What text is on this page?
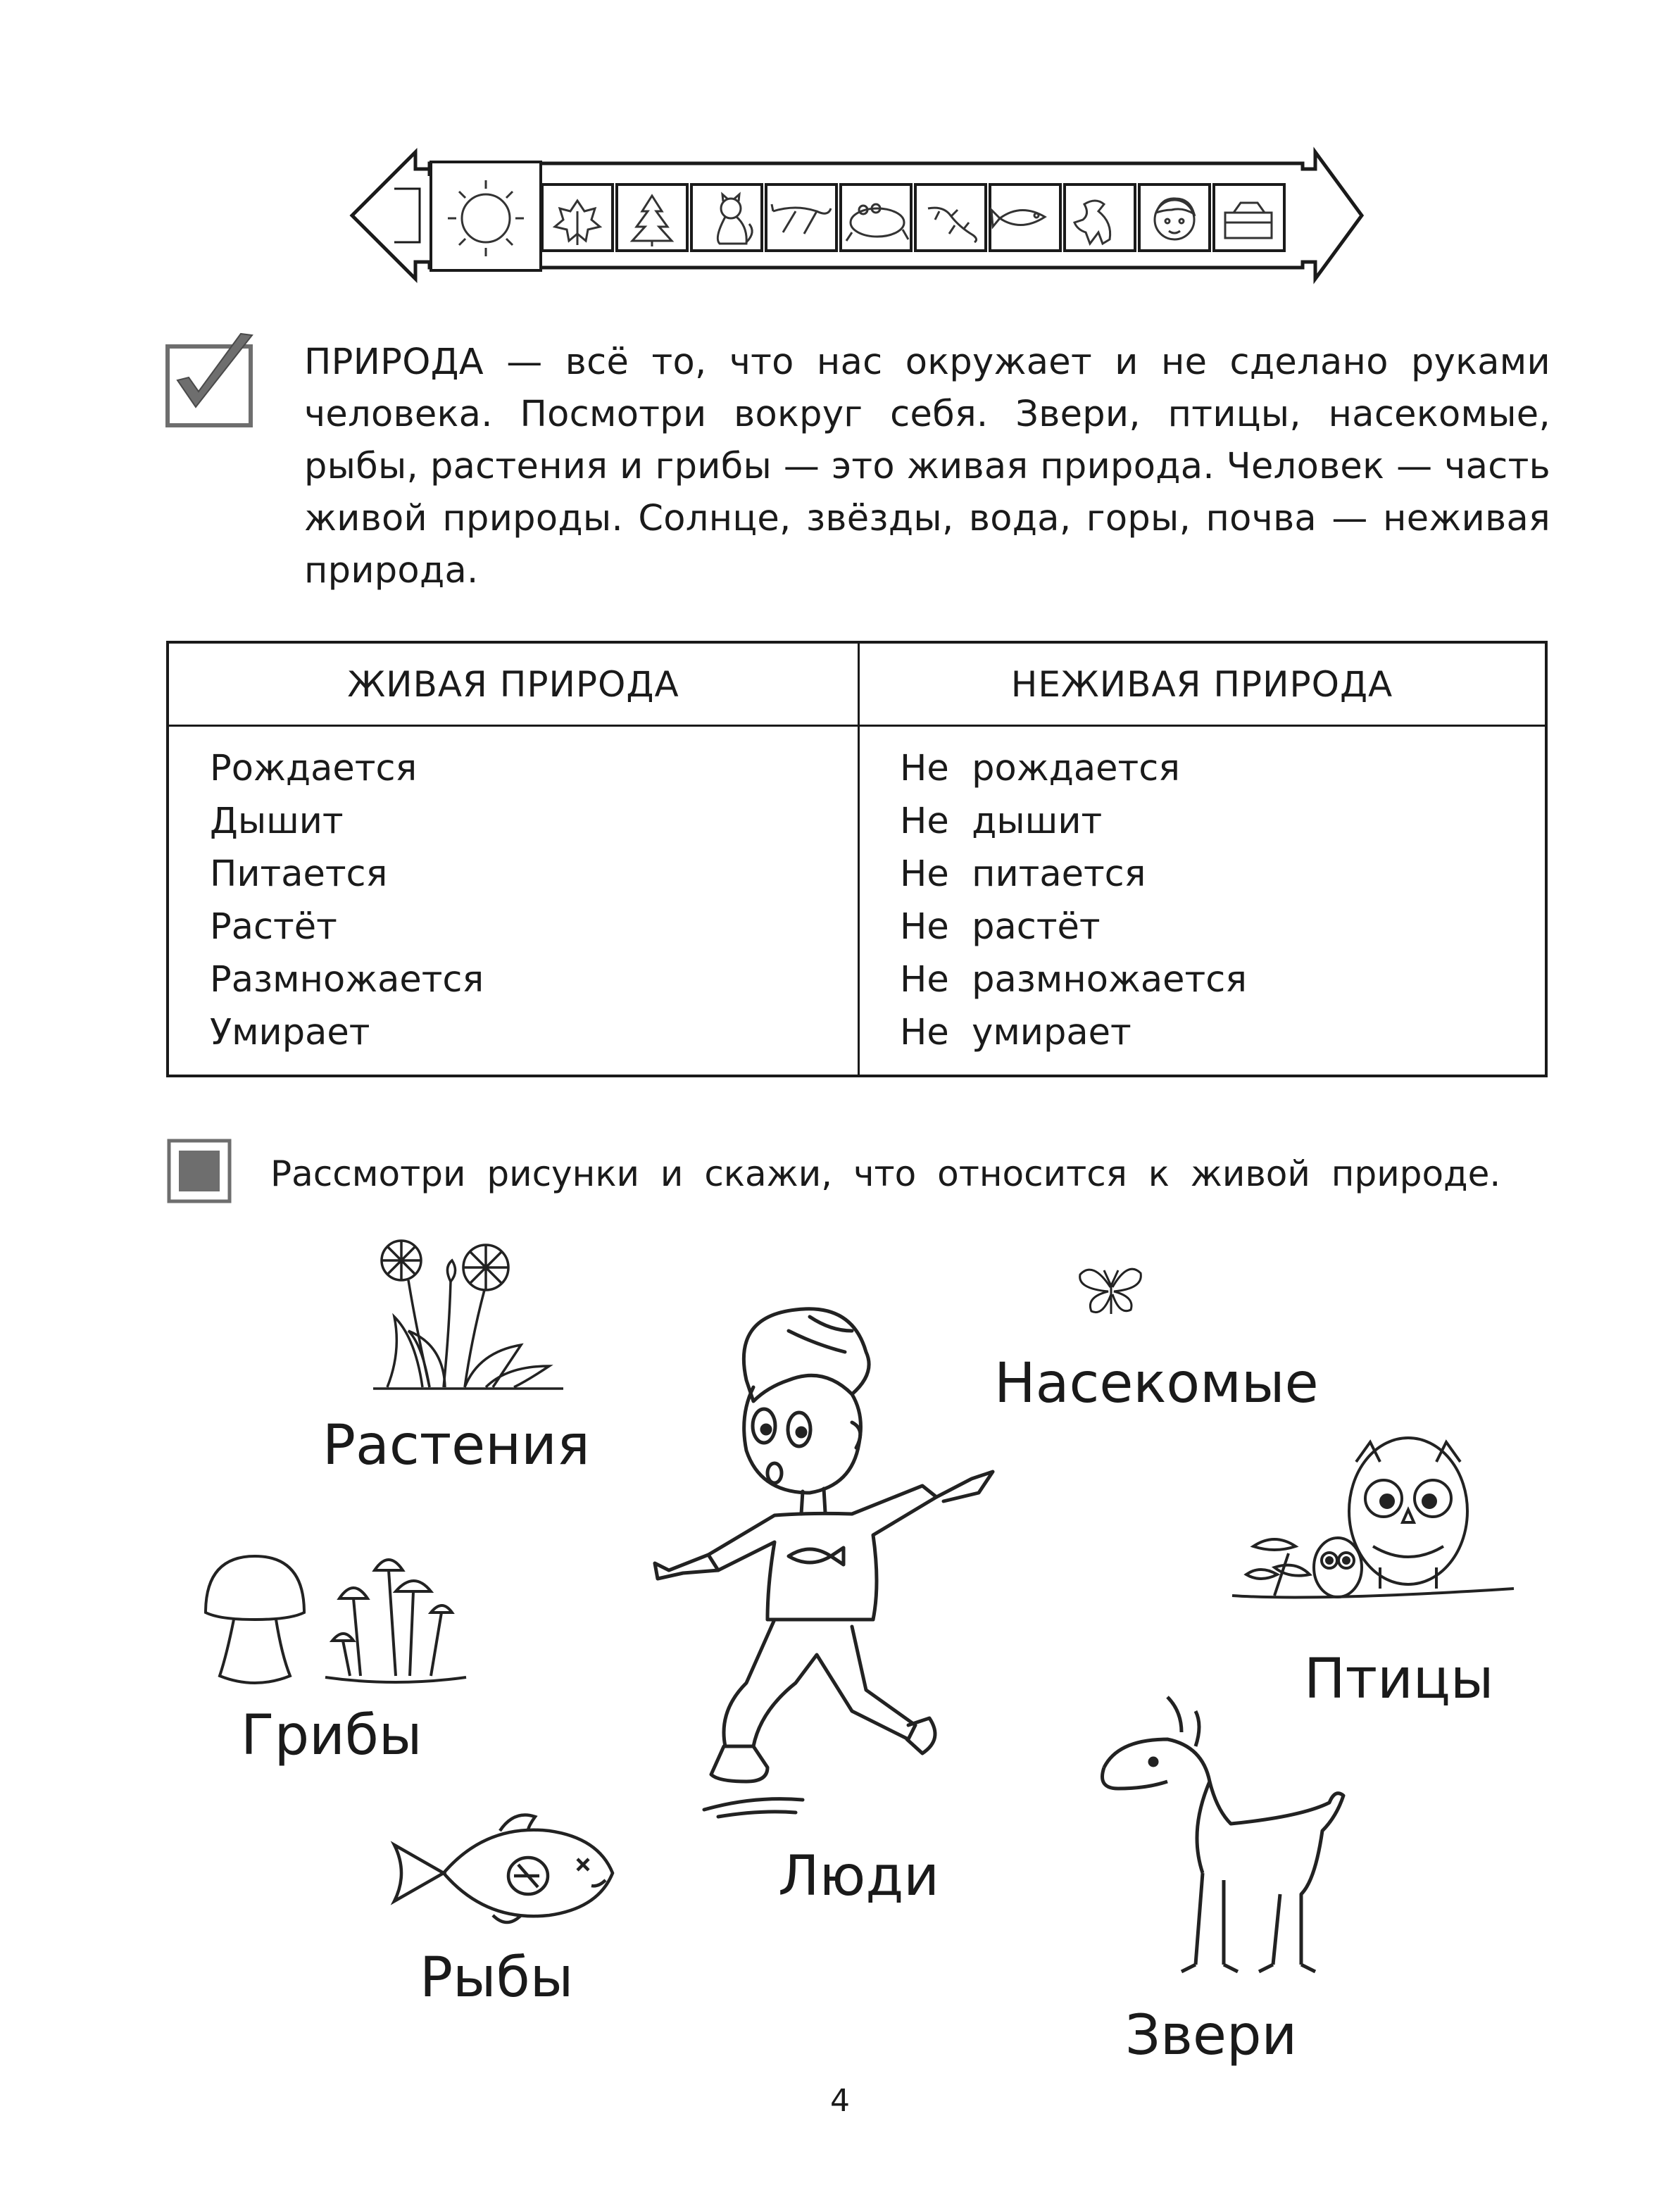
ПРИРОДА — всё то, что нас окружает и не сделано руками человека. Посмотри вокруг себя. Звери, птицы, насекомые, рыбы, растения и грибы — это живая природа. Человек — часть живой природы. Солнце, звёзды, вода, горы, почва — неживая природа.
ЖИВАЯ ПРИРОДА	НЕЖИВАЯ ПРИРОДА
Рождается
Дышит
Питается
Растёт
Размножается
Умирает
Не  рождается
Не  дышит
Не  питается
Не  растёт
Не  размножается
Не  умирает
Рассмотри рисунки и скажи, что относится к живой природе.
Растения
Насекомые
Люди
Птицы
Грибы
Звери
Рыбы
4
